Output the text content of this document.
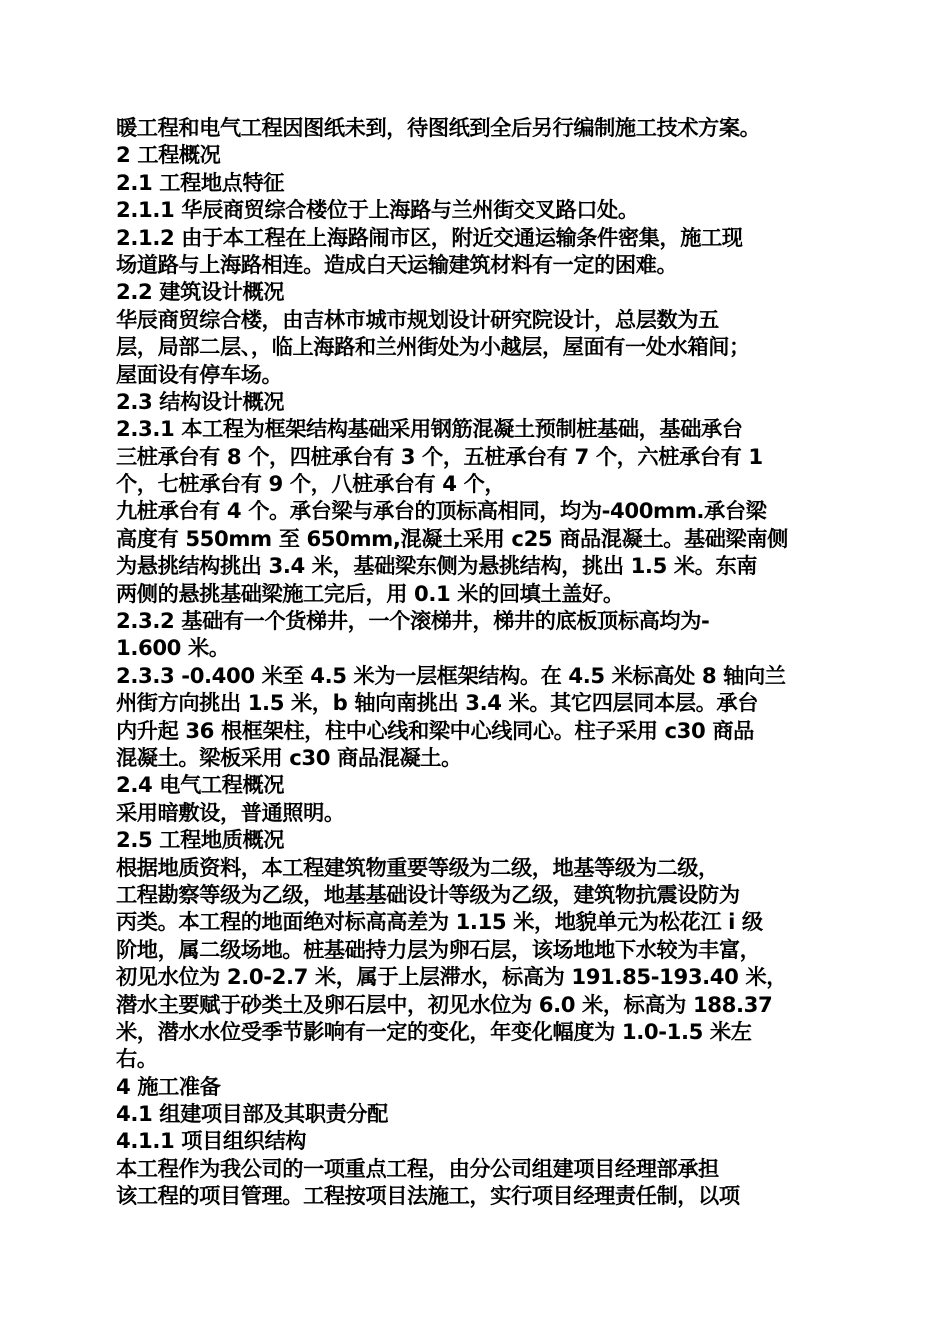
暖工程和电气工程因图纸未到，待图纸到全后另行编制施工技术方案。
2 工程概况
2.1 工程地点特征
2.1.1 华辰商贸综合楼位于上海路与兰州街交叉路口处。
2.1.2 由于本工程在上海路闹市区，附近交通运输条件密集，施工现
场道路与上海路相连。造成白天运输建筑材料有一定的困难。
2.2 建筑设计概况
华辰商贸综合楼，由吉林市城市规划设计研究院设计，总层数为五
层，局部二层、，临上海路和兰州街处为小越层，屋面有一处水箱间；
屋面设有停车场。
2.3 结构设计概况
2.3.1 本工程为框架结构基础采用钢筋混凝土预制桩基础，基础承台
三桩承台有 8 个，四桩承台有 3 个，五桩承台有 7 个，六桩承台有 1
个，七桩承台有 9 个，八桩承台有 4 个，
九桩承台有 4 个。承台梁与承台的顶标高相同，均为-400mm.承台梁
高度有 550mm 至 650mm,混凝土采用 c25 商品混凝土。基础梁南侧
为悬挑结构挑出 3.4 米，基础梁东侧为悬挑结构，挑出 1.5 米。东南
两侧的悬挑基础梁施工完后，用 0.1 米的回填土盖好。
2.3.2 基础有一个货梯井，一个滚梯井，梯井的底板顶标高均为-
1.600 米。
2.3.3 -0.400 米至 4.5 米为一层框架结构。在 4.5 米标高处 8 轴向兰
州街方向挑出 1.5 米，b 轴向南挑出 3.4 米。其它四层同本层。承台
内升起 36 根框架柱，柱中心线和梁中心线同心。柱子采用 c30 商品
混凝土。梁板采用 c30 商品混凝土。
2.4 电气工程概况
采用暗敷设，普通照明。
2.5 工程地质概况
根据地质资料，本工程建筑物重要等级为二级，地基等级为二级，
工程勘察等级为乙级，地基基础设计等级为乙级，建筑物抗震设防为
丙类。本工程的地面绝对标高高差为 1.15 米，地貌单元为松花江 i 级
阶地，属二级场地。桩基础持力层为卵石层，该场地地下水较为丰富，
初见水位为 2.0-2.7 米，属于上层滞水，标高为 191.85-193.40 米，
潜水主要赋于砂类土及卵石层中，初见水位为 6.0 米，标高为 188.37
米，潜水水位受季节影响有一定的变化，年变化幅度为 1.0-1.5 米左
右。
4 施工准备
4.1 组建项目部及其职责分配
4.1.1 项目组织结构
本工程作为我公司的一项重点工程，由分公司组建项目经理部承担
该工程的项目管理。工程按项目法施工，实行项目经理责任制，以项
